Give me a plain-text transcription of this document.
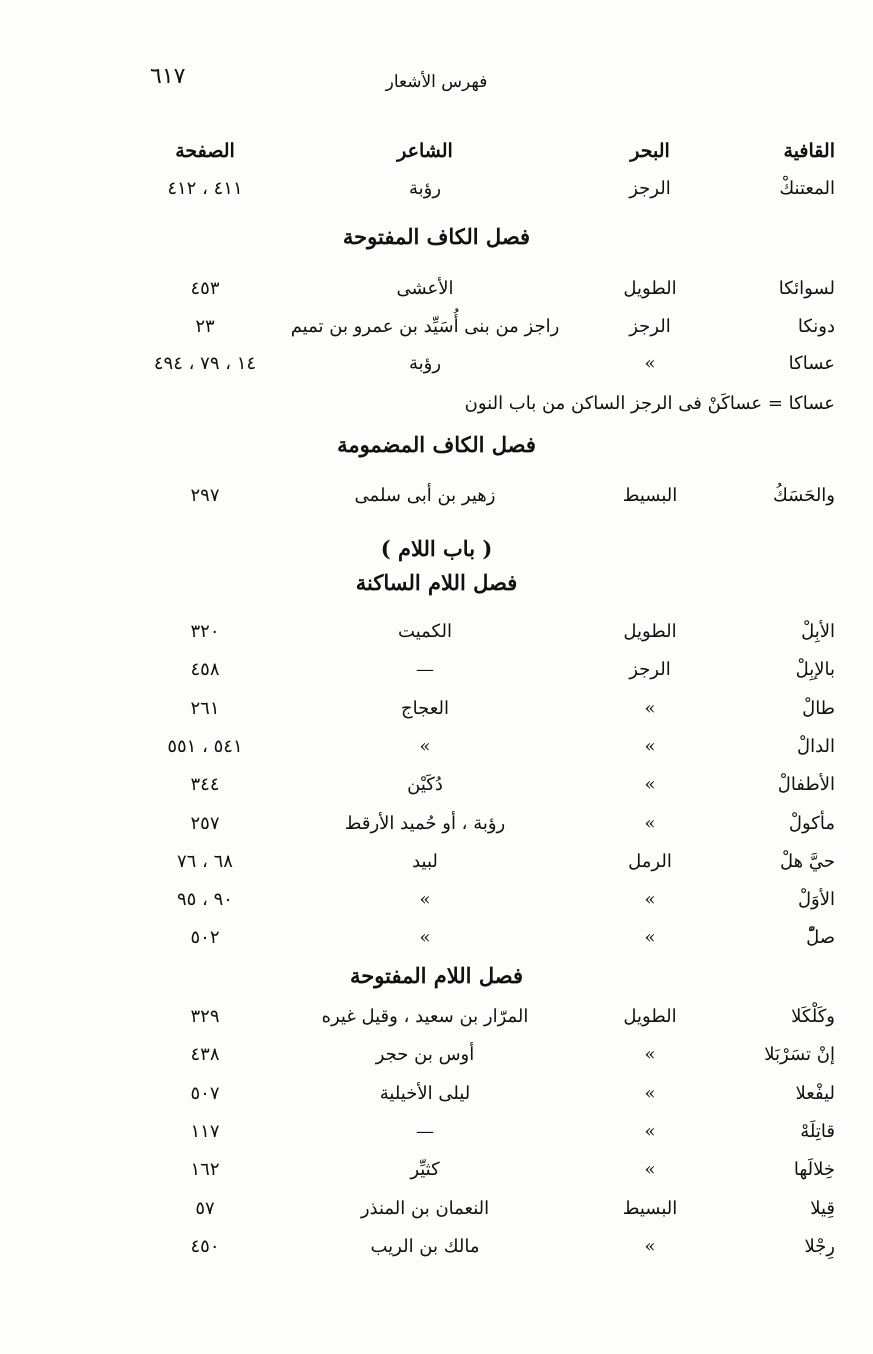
٦١٧	فهرس الأشعار
القافية
البحر
الشاعر
الصفحة
المعتنكْ
الرجز
رؤبة
٤١١ ، ٤١٢
فصل الكاف المفتوحة
لسوائكا
الطويل
الأعشى
٤٥٣
دونكا
الرجز
راجز من بنى أُسَيِّد بن عمرو بن تميم
٢٣
عساكا
»
رؤبة
١٤ ، ٧٩ ، ٤٩٤
عساكا = عساكَنْ فى الرجز الساكن من باب النون
فصل الكاف المضمومة
والحَسَكُ
البسيط
زهير بن أبى سلمى
٢٩٧
( باب اللام )
فصل اللام الساكنة
الأبِلْ
الطويل
الكميت
٣٢٠
بالإبِلْ
الرجز
—
٤٥٨
طالْ
»
العجاج
٢٦١
الدالْ
»
»
٥٤١ ، ٥٥١
الأطفالْ
»
دُكَيْن
٣٤٤
مأكولْ
»
رؤبة ، أو حُميد الأرقط
٢٥٧
حيَّ هلْ
الرمل
لبيد
٦٨ ، ٧٦
الأوَلْ
»
»
٩٠ ، ٩٥
صلّْ
»
»
٥٠٢
فصل اللام المفتوحة
وكَلْكَلا
الطويل
المرّار بن سعيد ، وقيل غيره
٣٢٩
إنْ تسَرْبَلا
»
أوس بن حجر
٤٣٨
ليفْعلا
»
ليلى الأخيلية
٥٠٧
قاتِلَهْ
»
—
١١٧
خِلالَها
»
كثيِّر
١٦٢
قِيلا
البسيط
النعمان بن المنذر
٥٧
رِجْلا
»
مالك بن الريب
٤٥٠
